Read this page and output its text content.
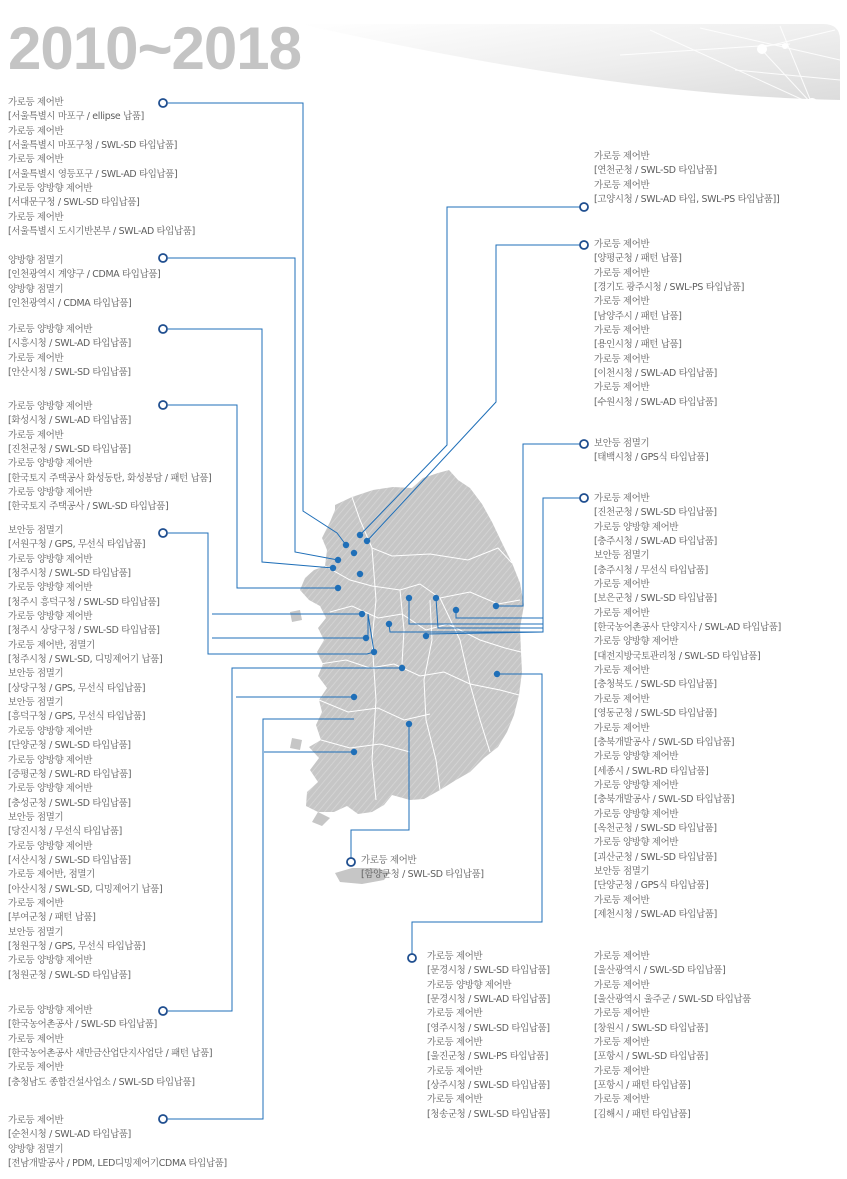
2010~2018
가로등 제어반
[서울특별시 마포구 / ellipse 납품]
가로등 제어반
[서울특별시 마포구청 / SWL-SD 타입납품]
가로등 제어반
[서울특별시 영등포구 / SWL-AD 타입납품]
가로등 양방향 제어반
[서대문구청 / SWL-SD 타입납품]
가로등 제어반
[서울특별시 도시기반본부 / SWL-AD 타입납품]
양방향 점멸기
[인천광역시 계양구 / CDMA 타입납품]
양방향 점멸기
[인천광역시 / CDMA 타입납품]
가로등 양방향 제어반
[시흥시청 / SWL-AD 타입납품]
가로등 제어반
[안산시청 / SWL-SD 타입납품]
가로등 양방향 제어반
[화성시청 / SWL-AD 타입납품]
가로등 제어반
[진천군청 / SWL-SD 타입납품]
가로등 양방향 제어반
[한국토지 주택공사 화성동탄, 화성봉담 / 패턴 납품]
가로등 양방향 제어반
[한국토지 주택공사 / SWL-SD 타입납품]
보안등 점멸기
[서원구청 / GPS, 무선식 타입납품]
가로등 양방향 제어반
[청주시청 / SWL-SD 타입납품]
가로등 양방향 제어반
[청주시 흥덕구청 / SWL-SD 타입납품]
가로등 양방향 제어반
[청주시 상당구청 / SWL-SD 타입납품]
가로등 제어반, 점멸기
[청주시청 / SWL-SD, 디밍제어기 납품]
보안등 점멸기
[상당구청 / GPS, 무선식 타입납품]
보안등 점멸기
[흥덕구청 / GPS, 무선식 타입납품]
가로등 양방향 제어반
[단양군청 / SWL-SD 타입납품]
가로등 양방향 제어반
[증평군청 / SWL-RD 타입납품]
가로등 양방향 제어반
[충성군청 / SWL-SD 타입납품]
보안등 점멸기
[당진시청 / 무선식 타입납품]
가로등 양방향 제어반
[서산시청 / SWL-SD 타입납품]
가로등 제어반, 점멸기
[아산시청 / SWL-SD, 디밍제어기 납품]
가로등 제어반
[부여군청 / 패턴 납품]
보안등 점멸기
[청원구청 / GPS, 무선식 타입납품]
가로등 양방향 제어반
[청원군청 / SWL-SD 타입납품]
가로등 양방향 제어반
[한국농어촌공사 / SWL-SD 타입납품]
가로등 제어반
[한국농어촌공사 새만금산업단지사업단 / 패턴 납품]
가로등 제어반
[충청남도 종합건설사업소 / SWL-SD 타입납품]
가로등 제어반
[순천시청 / SWL-AD 타입납품]
양방향 점멸기
[전남개발공사 / PDM, LED디밍제어기CDMA 타입납품]
가로등 제어반
[연천군청 / SWL-SD 타입납품]
가로등 제어반
[고양시청 / SWL-AD 타입, SWL-PS 타입납품]]
가로등 제어반
[양평군청 / 패턴 납품]
가로등 제어반
[경기도 광주시청 / SWL-PS 타입납품]
가로등 제어반
[남양주시 / 패턴 납품]
가로등 제어반
[용인시청 / 패턴 납품]
가로등 제어반
[이천시청 / SWL-AD 타입납품]
가로등 제어반
[수원시청 / SWL-AD 타입납품]
보안등 점멸기
[태백시청 / GPS식 타입납품]
가로등 제어반
[진천군청 / SWL-SD 타입납품]
가로등 양방향 제어반
[충주시청 / SWL-AD 타입납품]
보안등 점멸기
[충주시청 / 무선식 타입납품]
가로등 제어반
[보은군청 / SWL-SD 타입납품]
가로등 제어반
[한국농어촌공사 단양지사 / SWL-AD 타입납품]
가로등 양방향 제어반
[대전지방국토관리청 / SWL-SD 타입납품]
가로등 제어반
[충청북도 / SWL-SD 타입납품]
가로등 제어반
[영동군청 / SWL-SD 타입납품]
가로등 제어반
[충북개발공사 / SWL-SD 타입납품]
가로등 양방향 제어반
[세종시 / SWL-RD 타입납품]
가로등 양방향 제어반
[충북개발공사 / SWL-SD 타입납품]
가로등 양방향 제어반
[옥천군청 / SWL-SD 타입납품]
가로등 양방향 제어반
[괴산군청 / SWL-SD 타입납품]
보안등 점멸기
[단양군청 / GPS식 타입납품]
가로등 제어반
[제천시청 / SWL-AD 타입납품]
가로등 제어반
[함양군청 / SWL-SD 타입납품]
가로등 제어반
[문경시청 / SWL-SD 타입납품]
가로등 양방향 제어반
[문경시청 / SWL-AD 타입납품]
가로등 제어반
[영주시청 / SWL-SD 타입납품]
가로등 제어반
[울진군청 / SWL-PS 타입납품]
가로등 제어반
[상주시청 / SWL-SD 타입납품]
가로등 제어반
[청송군청 / SWL-SD 타입납품]
가로등 제어반
[울산광역시 / SWL-SD 타입납품]
가로등 제어반
[울산광역시 울주군 / SWL-SD 타입납품
가로등 제어반
[창원시 / SWL-SD 타입납품]
가로등 제어반
[포항시 / SWL-SD 타입납품]
가로등 제어반
[포항시 / 패턴 타입납품]
가로등 제어반
[김해시 / 패턴 타입납품]
